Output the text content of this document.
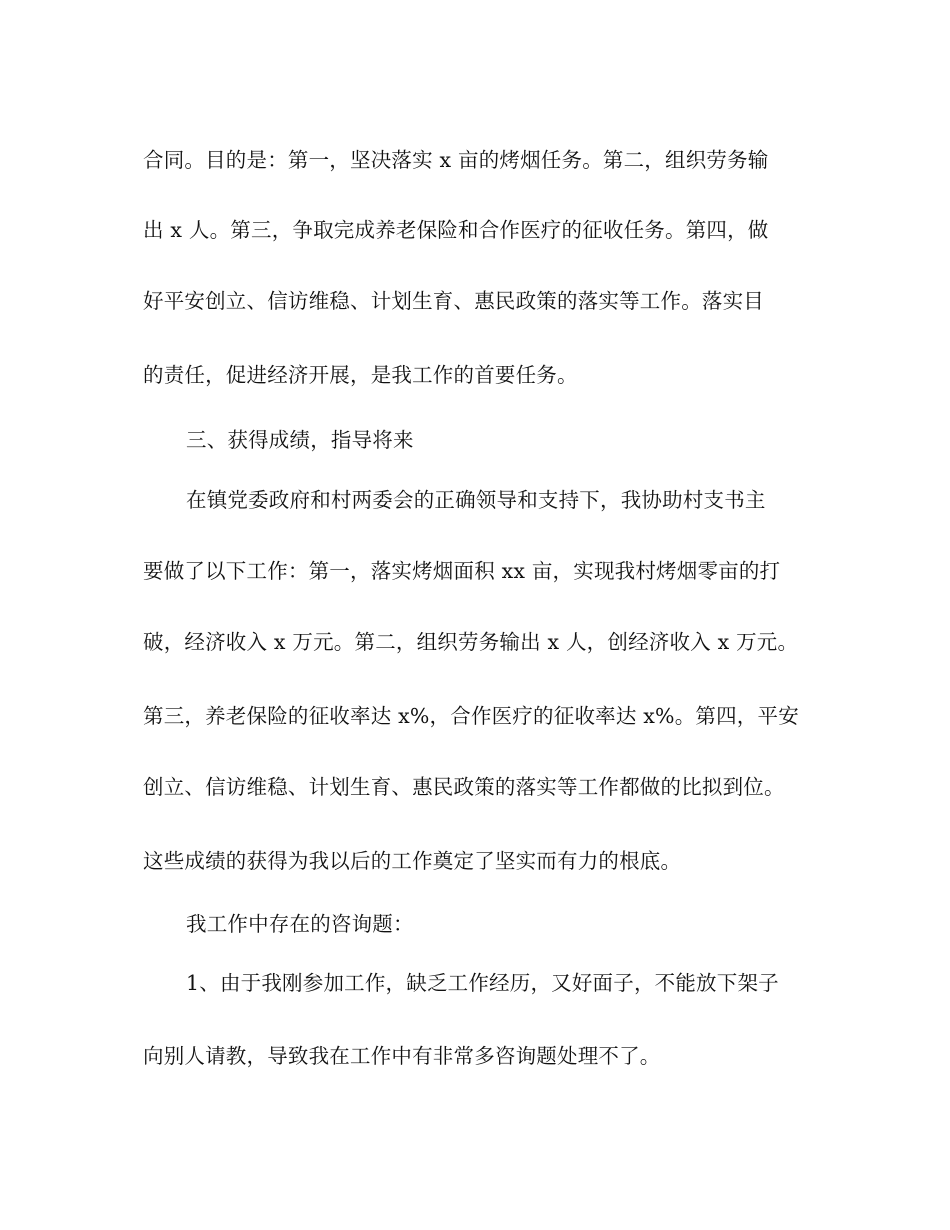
合同。目的是：第一，坚决落实 x 亩的烤烟任务。第二，组织劳务输

出 x 人。第三，争取完成养老保险和合作医疗的征收任务。第四，做

好平安创立、信访维稳、计划生育、惠民政策的落实等工作。落实目

的责任，促进经济开展，是我工作的首要任务。

三、获得成绩，指导将来

在镇党委政府和村两委会的正确领导和支持下，我协助村支书主

要做了以下工作：第一，落实烤烟面积 xx 亩，实现我村烤烟零亩的打

破，经济收入 x 万元。第二，组织劳务输出 x 人，创经济收入 x 万元。

第三，养老保险的征收率达 x%，合作医疗的征收率达 x%。第四，平安

创立、信访维稳、计划生育、惠民政策的落实等工作都做的比拟到位。

这些成绩的获得为我以后的工作奠定了坚实而有力的根底。

我工作中存在的咨询题：

1、由于我刚参加工作，缺乏工作经历，又好面子，不能放下架子

向别人请教，导致我在工作中有非常多咨询题处理不了。
